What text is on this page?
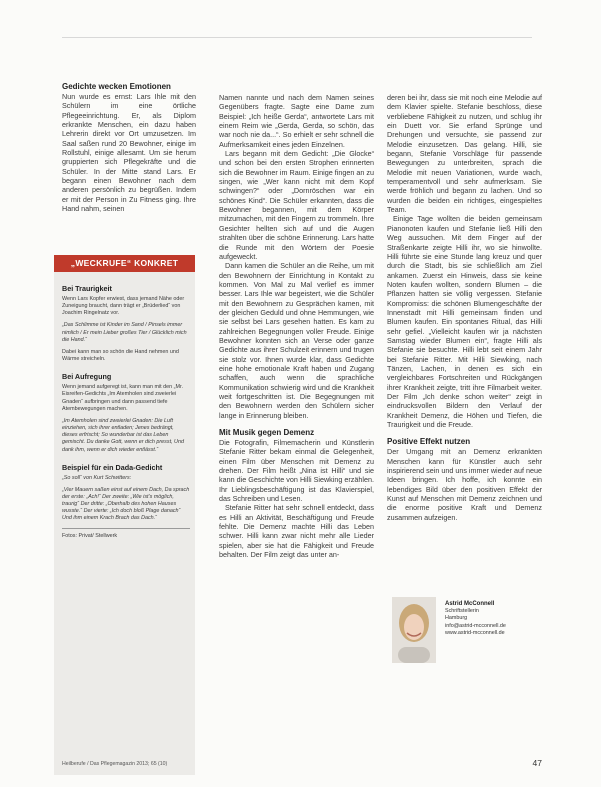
Gedichte wecken Emotionen

Nun wurde es ernst: Lars Ihle mit den Schülern im eine örtliche Pflegeeinrichtung. Er, als Diplom erkrankte Menschen, ein dazu haben Lehrerin direkt vor Ort umzusetzen. Im Saal saßen rund 20 Bewohner, einige im Rollstuhl, einige allesamt. Um sie herum gruppierten sich Pflegekräfte und die Schüler. In der Mitte stand Lars. Er begann einen Bewohner nach dem anderen persönlich zu begrüßen. Indem er mit der Person in Zu Fitness ging. Ihre Hand nahm, seinen

„WECKRUFE“ KONKRET
Bei Traurigkeit

Wenn Lars Kopfer erwiest, dass jemand Nähe oder Zuneigung braucht, dann trägt er „Brüderlied“ von Joachim Ringelnatz vor.

„Das Schlimme ist Kinder im Sand / Pinsels immer nimlich / Er mein Lieber großes Tier / Glücklich mich die Hand.“

Dabei kann man so schön die Hand nehmen und Wärme streicheln.

Bei Aufregung

Wenn jemand aufgeregt ist, kann man mit den „Mr. Eisreifen-Gedichts „Im Atemholen sind zweierlei Gnaden“ aufbringen und dann passend tiefe Atembewegungen machen.

„Im Atemholen sind zweierlei Gnaden: Die Luft einziehen, sich ihrer entladen; Jenes bedrängt, dieses erfrischt; So wunderbar ist das Leben gemischt. Du danke Gott, wenn er dich presst, Und dank ihm, wenn er dich wieder entlässt.“

Beispiel für ein Dada-Gedicht

„So soll“ von Kurt Schwitters:

„Vier Mauern saßen einst auf einem Dach, Da sprach der erste: „Ach!“ Der zweite: „Wie ist’s möglich, traurig“ Der dritte: „Oberhalb des hohen Hauses wusste.“ Der vierte: „Ich doch bloß Plage danach“ Und ihm einem Krach Brach das Dach.“

Fotos: Privat/ Stellwerk

Namen nannte und nach dem Namen seines Gegenübers fragte. Sagte eine Dame zum Beispiel: „Ich heiße Gerda“, antwortete Lars mit einem Reim wie „Gerda, Gerda, so schön, das war noch nie da...“. So erhielt er sehr schnell die Aufmerksamkeit eines jeden Einzelnen.

Lars begann mit dem Gedicht: „Die Glocke“ und schon bei den ersten Strophen erinnerten sich die Bewohner im Raum. Einige fingen an zu singen, wie „Wer kann nicht mit dem Kopf schwingen?“ oder „Dornröschen war ein schönes Kind“. Die Schüler erkannten, dass die Bewohner begannen, mit dem Körper mitzumachen, mit den Fingern zu trommeln. Ihre Gesichter hellten sich auf und die Augen strahlten über die schöne Erinnerung. Lars hatte die Runde mit den Wörtern der Poesie aufgeweckt.

Dann kamen die Schüler an die Reihe, um mit den Bewohnern der Einrichtung in Kontakt zu kommen. Von Mal zu Mal verlief es immer besser. Lars Ihle war begeistert, wie die Schüler mit den Bewohnern zu Gesprächen kamen, mit der gleichen Geduld und ohne Hemmungen, wie sie selbst bei Lars gesehen hatten. Es kam zu zahlreichen Begegnungen voller Freude. Einige Bewohner konnten sich an Verse oder ganze Gedichte aus ihrer Schulzeit erinnern und trugen sie stolz vor. Ihnen wurde klar, dass Gedichte eine hohe emotionale Kraft haben und Zugang schaffen, auch wenn die sprachliche Kommunikation schwierig wird und die Krankheit weit fortgeschritten ist. Die Begegnungen mit den Bewohnern werden den Schülern sicher lange in Erinnerung bleiben.

Mit Musik gegen Demenz

Die Fotografin, Filmemacherin und Künstlerin Stefanie Ritter bekam einmal die Gelegenheit, einen Film über Menschen mit Demenz zu drehen. Der Film heißt „Nina ist Hilli“ und sie kann die Geschichte von Hilli Siewking erzählen. Ihr Lieblingsbeschäftigung ist das Klavierspiel, das Schreiben und Lesen.

Stefanie Ritter hat sehr schnell entdeckt, dass es Hilli an Aktivität, Beschäftigung und Freude fehlte. Die Demenz machte Hilli das Leben schwer. Hilli kann zwar nicht mehr alle Lieder spielen, aber sie hat die Fähigkeit und Freude behalten. Der Film zeigt das unter an-

deren bei ihr, dass sie mit noch eine Melodie auf dem Klavier spielte. Stefanie beschloss, diese verbliebene Fähigkeit zu nutzen, und schlug ihr ein Duett vor. Sie erfand Sprünge und Drehungen und versuchte, sie passend zur Melodie einzusetzen. Das gelang. Hilli, sie begann, Stefanie Vorschläge für passende Bewegungen zu unterbreiten, sprach die Melodie mit neuen Variationen, wurde wach, temperamentvoll und sehr aufmerksam. Sie werde fröhlich und begann zu lachen. Und so wurden die beiden ein richtiges, eingespieltes Team.

Einige Tage wollten die beiden gemeinsam Pianonoten kaufen und Stefanie ließ Hilli den Weg aussuchen. Mit dem Finger auf der Straßenkarte zeigte Hilli ihr, wo sie hinwollte. Hilli führte sie eine Stunde lang kreuz und quer durch die Stadt, bis sie schließlich am Ziel ankamen. Zuerst ein Hinweis, dass sie keine Noten kaufen wollten, sondern Blumen – die Pflanzen hatten sie völlig vergessen. Stefanie Kompromiss: die schönen Blumengeschäfte der Innenstadt mit Hilli gemeinsam finden und Blumen kaufen. Ein spontanes Ritual, das Hilli sehr gefiel. „Vielleicht kaufen wir ja nächsten Samstag wieder Blumen ein“, fragte Hilli als Stefanie sie besuchte. Hilli lebt seit einem Jahr bei Stefanie Ritter. Mit Hilli Siewking, nach Tänzen, Lachen, in denen es sich ein vergleichbares Fortschreiten und Rückgängen ihrer Krankheit zeigte, tritt ihre Filmarbeit weiter. Der Film „Ich denke schon weiter“ zeigt in eindrucksvollen Bildern den Verlauf der Krankheit Demenz, die Höhen und Tiefen, die Traurigkeit und die Freude.

Positive Effekt nutzen

Der Umgang mit an Demenz erkrankten Menschen kann für Künstler auch sehr inspirierend sein und uns immer wieder auf neue Ideen bringen. Ich hoffe, ich konnte ein lebendiges Bild über den positiven Effekt der Kunst auf Menschen mit Demenz zeichnen und die enorme positive Kraft und Demenz zusammen aufzeigen.

Astrid McConnell
Schriftstellerin
Hamburg
info@astrid-mcconnell.de
www.astrid-mcconnell.de
Heilberufe / Das Pflegemagazin 2013; 65 (10)	47
